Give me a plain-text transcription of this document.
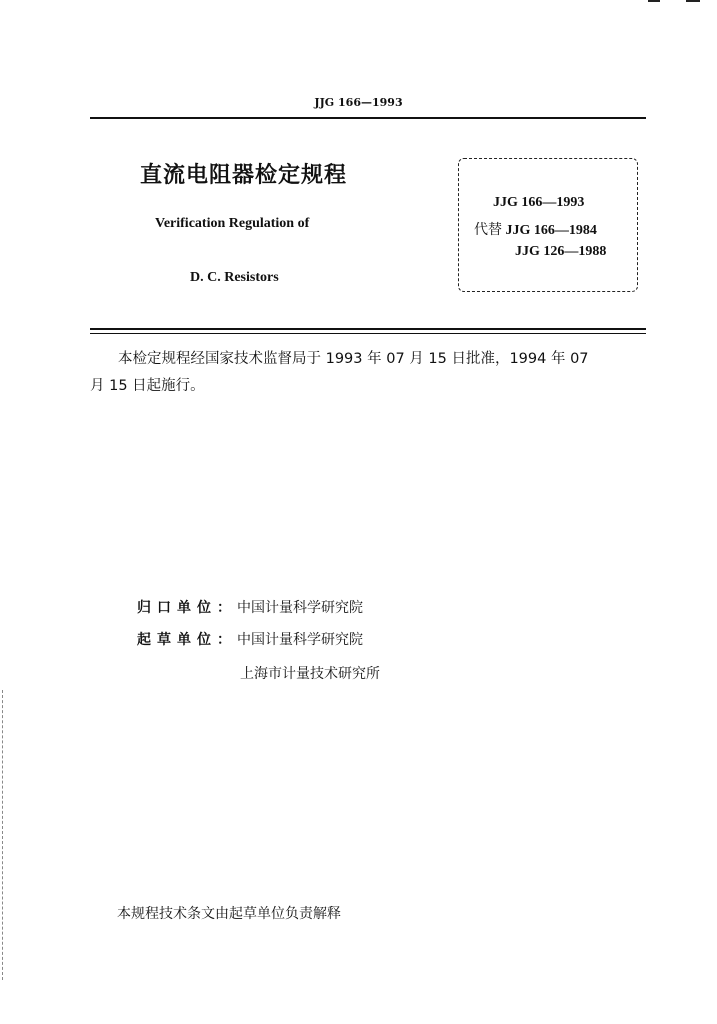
JJG 166—1993
直流电阻器检定规程
Verification Regulation of
D. C. Resistors
JJG 166—1993
代替 JJG 166—1984
JJG 126—1988
本检定规程经国家技术监督局于 1993 年 07 月 15 日批准，1994 年 07
月 15 日起施行。
归口单位：中国计量科学研究院
起草单位：中国计量科学研究院
上海市计量技术研究所
本规程技术条文由起草单位负责解释
